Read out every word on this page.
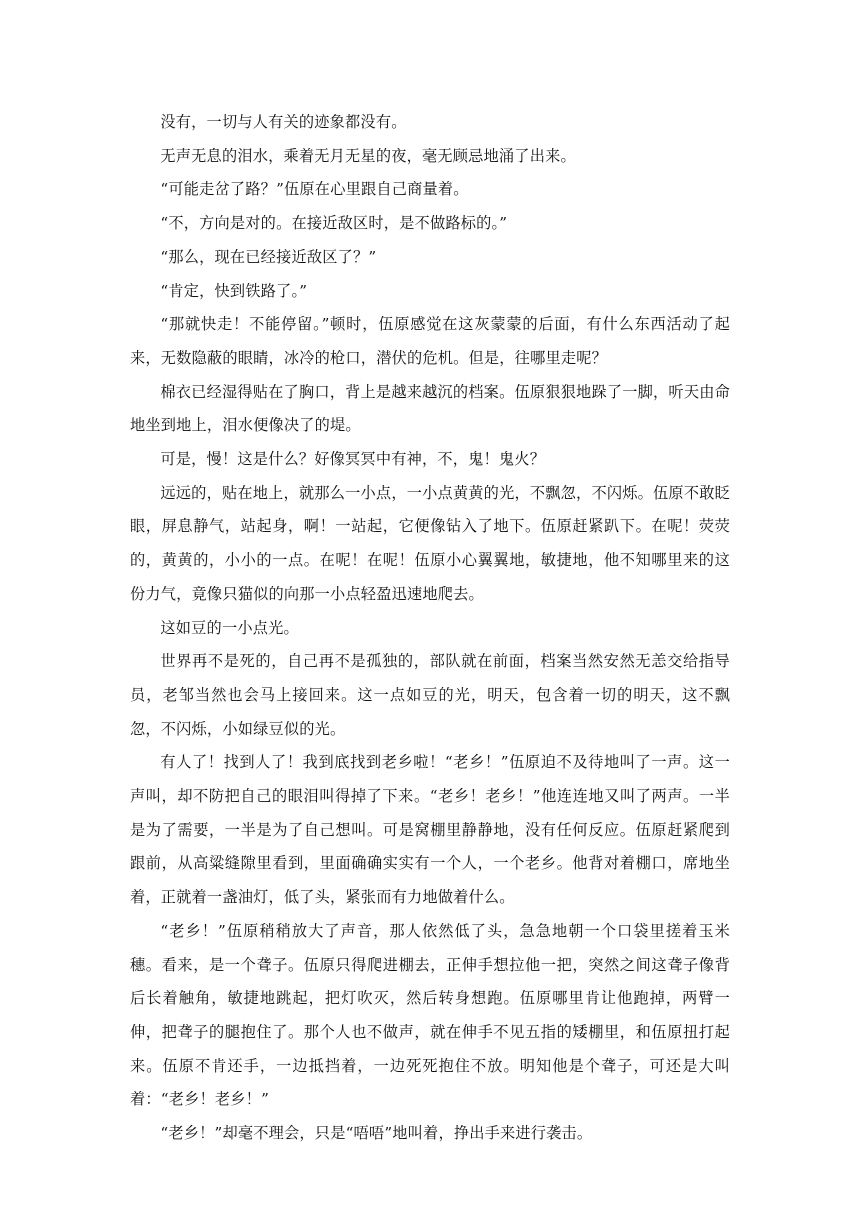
没有，一切与人有关的迹象都没有。

无声无息的泪水，乘着无月无星的夜，毫无顾忌地涌了出来。

“可能走岔了路？”伍原在心里跟自己商量着。

“不，方向是对的。在接近敌区时，是不做路标的。”

“那么，现在已经接近敌区了？”

“肯定，快到铁路了。”

“那就快走！不能停留。”顿时，伍原感觉在这灰蒙蒙的后面，有什么东西活动了起来，无数隐蔽的眼睛，冰冷的枪口，潜伏的危机。但是，往哪里走呢？

棉衣已经湿得贴在了胸口，背上是越来越沉的档案。伍原狠狠地跺了一脚，听天由命地坐到地上，泪水便像决了的堤。

可是，慢！这是什么？好像冥冥中有神，不，鬼！鬼火？

远远的，贴在地上，就那么一小点，一小点黄黄的光，不飘忽，不闪烁。伍原不敢眨眼，屏息静气，站起身，啊！一站起，它便像钻入了地下。伍原赶紧趴下。在呢！荧荧的，黄黄的，小小的一点。在呢！在呢！伍原小心翼翼地，敏捷地，他不知哪里来的这份力气，竟像只猫似的向那一小点轻盈迅速地爬去。

这如豆的一小点光。

世界再不是死的，自己再不是孤独的，部队就在前面，档案当然安然无恙交给指导员，老邹当然也会马上接回来。这一点如豆的光，明天，包含着一切的明天，这不飘忽，不闪烁，小如绿豆似的光。

有人了！找到人了！我到底找到老乡啦！“老乡！”伍原迫不及待地叫了一声。这一声叫，却不防把自己的眼泪叫得掉了下来。“老乡！老乡！”他连连地又叫了两声。一半是为了需要，一半是为了自己想叫。可是窝棚里静静地，没有任何反应。伍原赶紧爬到跟前，从高粱缝隙里看到，里面确确实实有一个人，一个老乡。他背对着棚口，席地坐着，正就着一盏油灯，低了头，紧张而有力地做着什么。

“老乡！”伍原稍稍放大了声音，那人依然低了头，急急地朝一个口袋里搓着玉米穗。看来，是一个聋子。伍原只得爬进棚去，正伸手想拉他一把，突然之间这聋子像背后长着触角，敏捷地跳起，把灯吹灭，然后转身想跑。伍原哪里肯让他跑掉，两臂一伸，把聋子的腿抱住了。那个人也不做声，就在伸手不见五指的矮棚里，和伍原扭打起来。伍原不肯还手，一边抵挡着，一边死死抱住不放。明知他是个聋子，可还是大叫着：“老乡！老乡！”

“老乡！”却毫不理会，只是“唔唔”地叫着，挣出手来进行袭击。
